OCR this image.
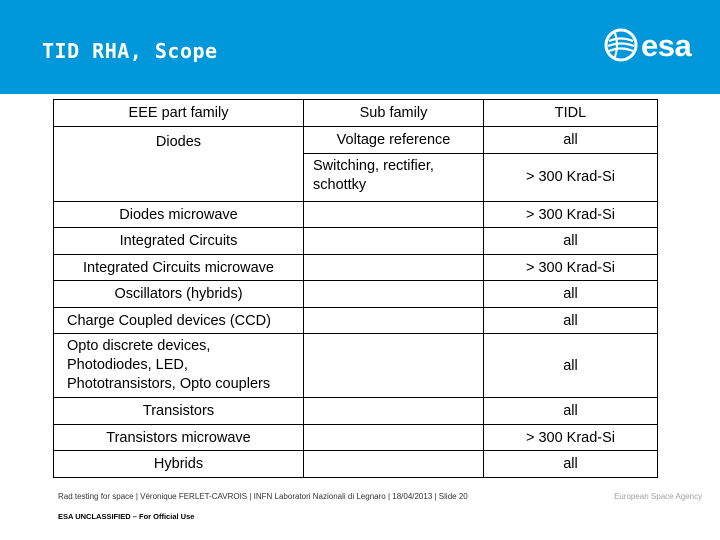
TID RHA, Scope	esa
EEE part family	Sub family	TIDL
Diodes	Voltage reference	all
	Switching, rectifier, schottky	> 300 Krad-Si
Diodes microwave		> 300 Krad-Si
Integrated Circuits		all
Integrated Circuits microwave		> 300 Krad-Si
Oscillators (hybrids)		all
Charge Coupled devices (CCD)		all
Opto discrete devices, Photodiodes, LED, Phototransistors, Opto couplers		all
Transistors		all
Transistors microwave		> 300 Krad-Si
Hybrids		all
Rad testing for space | Véronique FERLET-CAVROIS | INFN Laboratori Nazionali di Legnaro | 18/04/2013 | Slide 20
ESA UNCLASSIFIED – For Official Use
European Space Agency
